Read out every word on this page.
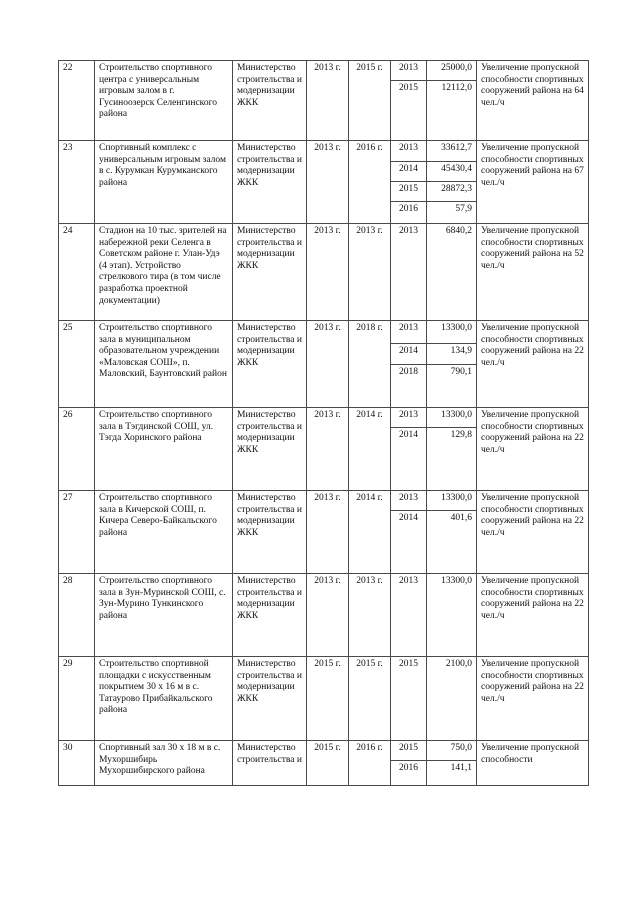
22	Строительство спортивного центра с универсальным игровым залом в г. Гусиноозерск Селенгинского района	Министерство строительства и модернизации ЖКК	2013 г.	2015 г.	2013	25000,0	Увеличение пропускной способности спортивных сооружений района на 64 чел./ч
					2015	12112,0	
23	Спортивный комплекс с универсальным игровым залом в с. Курумкан Курумканского района	Министерство строительства и модернизации ЖКК	2013 г.	2016 г.	2013	33612,7	Увеличение пропускной способности спортивных сооружений района на 67 чел./ч
					2014	45430,4	
					2015	28872,3	
					2016	57,9	
24	Стадион на 10 тыс. зрителей на набережной реки Селенга в Советском районе г. Улан-Удэ (4 этап). Устройство стрелкового тира (в том числе разработка проектной документации)	Министерство строительства и модернизации ЖКК	2013 г.	2013 г.	2013	6840,2	Увеличение пропускной способности спортивных сооружений района на 52 чел./ч
25	Строительство спортивного зала в муниципальном образовательном учреждении «Маловская СОШ», п. Маловский, Баунтовский район	Министерство строительства и модернизации ЖКК	2013 г.	2018 г.	2013	13300,0	Увеличение пропускной способности спортивных сооружений района на 22 чел./ч
					2014	134,9	
					2018	790,1	
26	Строительство спортивного зала в Тэгдинской СОШ, ул. Тэгда Хоринского района	Министерство строительства и модернизации ЖКК	2013 г.	2014 г.	2013	13300,0	Увеличение пропускной способности спортивных сооружений района на 22 чел./ч
					2014	129,8	
27	Строительство спортивного зала в Кичерской СОШ, п. Кичера Северо-Байкальского района	Министерство строительства и модернизации ЖКК	2013 г.	2014 г.	2013	13300,0	Увеличение пропускной способности спортивных сооружений района на 22 чел./ч
					2014	401,6	
28	Строительство спортивного зала в Зун-Муринской СОШ, с. Зун-Мурино Тункинского района	Министерство строительства и модернизации ЖКК	2013 г.	2013 г.	2013	13300,0	Увеличение пропускной способности спортивных сооружений района на 22 чел./ч
29	Строительство спортивной площадки с искусственным покрытием 30 х 16 м в с. Татаурово Прибайкальского района	Министерство строительства и модернизации ЖКК	2015 г.	2015 г.	2015	2100,0	Увеличение пропускной способности спортивных сооружений района на 22 чел./ч
30	Спортивный зал 30 х 18 м в с. Мухоршибирь Мухоршибирского района	Министерство строительства и	2015 г.	2016 г.	2015	750,0	Увеличение пропускной способности
					2016	141,1	
